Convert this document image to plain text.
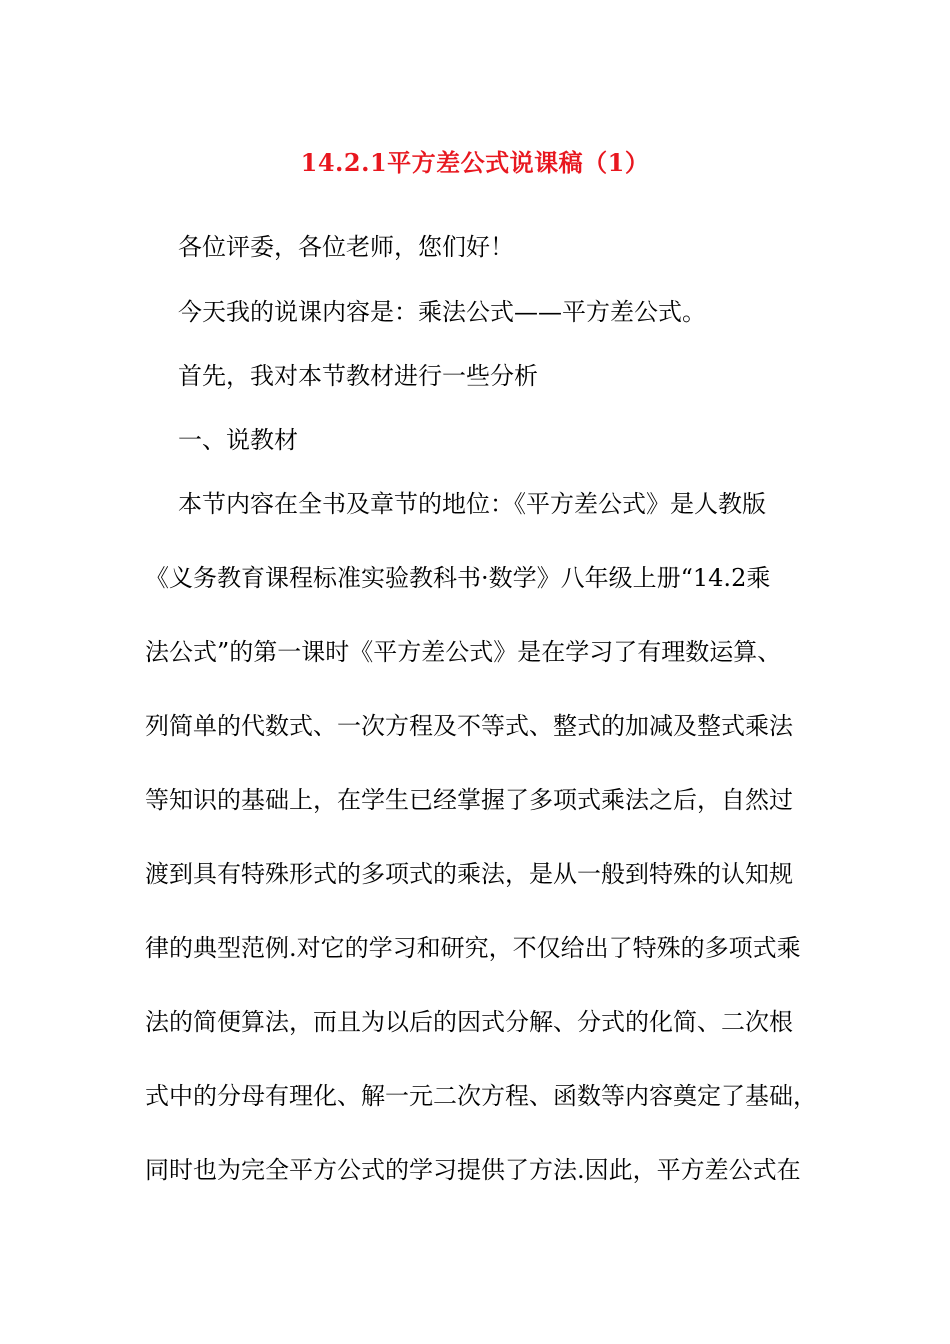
14.2.1平方差公式说课稿（1）
各位评委，各位老师，您们好！
今天我的说课内容是：乘法公式——平方差公式。
首先，我对本节教材进行一些分析
一、说教材
本节内容在全书及章节的地位：《平方差公式》是人教版
《义务教育课程标准实验教科书·数学》八年级上册“14.2乘
法公式”的第一课时《平方差公式》是在学习了有理数运算、
列简单的代数式、一次方程及不等式、整式的加减及整式乘法
等知识的基础上，在学生已经掌握了多项式乘法之后，自然过
渡到具有特殊形式的多项式的乘法，是从一般到特殊的认知规
律的典型范例.对它的学习和研究，不仅给出了特殊的多项式乘
法的简便算法，而且为以后的因式分解、分式的化简、二次根
式中的分母有理化、解一元二次方程、函数等内容奠定了基础，
同时也为完全平方公式的学习提供了方法.因此，平方差公式在
